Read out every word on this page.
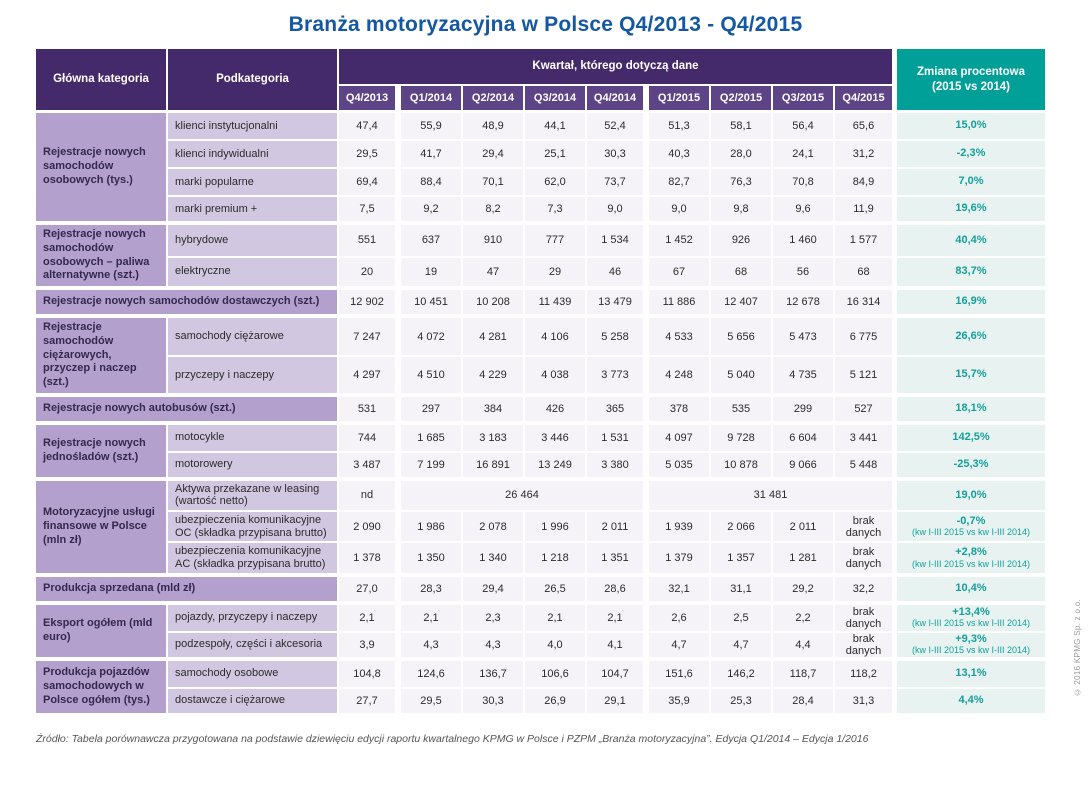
Branża motoryzacyjna w Polsce Q4/2013 - Q4/2015
Główna kategoria	Podkategoria	Kwartał, którego dotyczą dane									Zmiana procentowa
(2015 vs 2014)
		Q4/2013	Q1/2014	Q2/2014	Q3/2014	Q4/2014	Q1/2015	Q2/2015	Q3/2015	Q4/2015	
Rejestracje nowych samochodów osobowych (tys.)	klienci instytucjonalni	47,4	55,9	48,9	44,1	52,4	51,3	58,1	56,4	65,6	15,0%
	klienci indywidualni	29,5	41,7	29,4	25,1	30,3	40,3	28,0	24,1	31,2	-2,3%
	marki popularne	69,4	88,4	70,1	62,0	73,7	82,7	76,3	70,8	84,9	7,0%
	marki premium +	7,5	9,2	8,2	7,3	9,0	9,0	9,8	9,6	11,9	19,6%
Rejestracje nowych samochodów osobowych – paliwa alternatywne (szt.)	hybrydowe	551	637	910	777	1 534	1 452	926	1 460	1 577	40,4%
	elektryczne	20	19	47	29	46	67	68	56	68	83,7%
Rejestracje nowych samochodów dostawczych (szt.)		12 902	10 451	10 208	11 439	13 479	11 886	12 407	12 678	16 314	16,9%
Rejestracje samochodów ciężarowych, przyczep i naczep (szt.)	samochody ciężarowe	7 247	4 072	4 281	4 106	5 258	4 533	5 656	5 473	6 775	26,6%
	przyczepy i naczepy	4 297	4 510	4 229	4 038	3 773	4 248	5 040	4 735	5 121	15,7%
Rejestracje nowych autobusów (szt.)		531	297	384	426	365	378	535	299	527	18,1%
Rejestracje nowych jednośladów (szt.)	motocykle	744	1 685	3 183	3 446	1 531	4 097	9 728	6 604	3 441	142,5%
	motorowery	3 487	7 199	16 891	13 249	3 380	5 035	10 878	9 066	5 448	-25,3%
Motoryzacyjne usługi finansowe w Polsce (mln zł)	Aktywa przekazane w leasing (wartość netto)	nd	26 464				31 481				19,0%
	ubezpieczenia komunikacyjne OC (składka przypisana brutto)	2 090	1 986	2 078	1 996	2 011	1 939	2 066	2 011	brak danych	-0,7%
(kw I-III 2015 vs kw I-III 2014)

	ubezpieczenia komunikacyjne AC (składka przypisana brutto)	1 378	1 350	1 340	1 218	1 351	1 379	1 357	1 281	brak danych	+2,8%
(kw I-III 2015 vs kw I-III 2014)

Produkcja sprzedana (mld zł)		27,0	28,3	29,4	26,5	28,6	32,1	31,1	29,2	32,2	10,4%
Eksport ogółem (mld euro)	pojazdy, przyczepy i naczepy	2,1	2,1	2,3	2,1	2,1	2,6	2,5	2,2	brak danych	+13,4%
(kw I-III 2015 vs kw I-III 2014)

	podzespoły, części i akcesoria	3,9	4,3	4,3	4,0	4,1	4,7	4,7	4,4	brak danych	+9,3%
(kw I-III 2015 vs kw I-III 2014)

Produkcja pojazdów samochodowych w Polsce ogółem (tys.)	samochody osobowe	104,8	124,6	136,7	106,6	104,7	151,6	146,2	118,7	118,2	13,1%
	dostawcze i ciężarowe	27,7	29,5	30,3	26,9	29,1	35,9	25,3	28,4	31,3	4,4%
Źródło: Tabela porównawcza przygotowana na podstawie dziewięciu edycji raportu kwartalnego KPMG w Polsce i PZPM „Branża motoryzacyjna”. Edycja Q1/2014 – Edycja 1/2016
© 2016 KPMG Sp. z o.o.
